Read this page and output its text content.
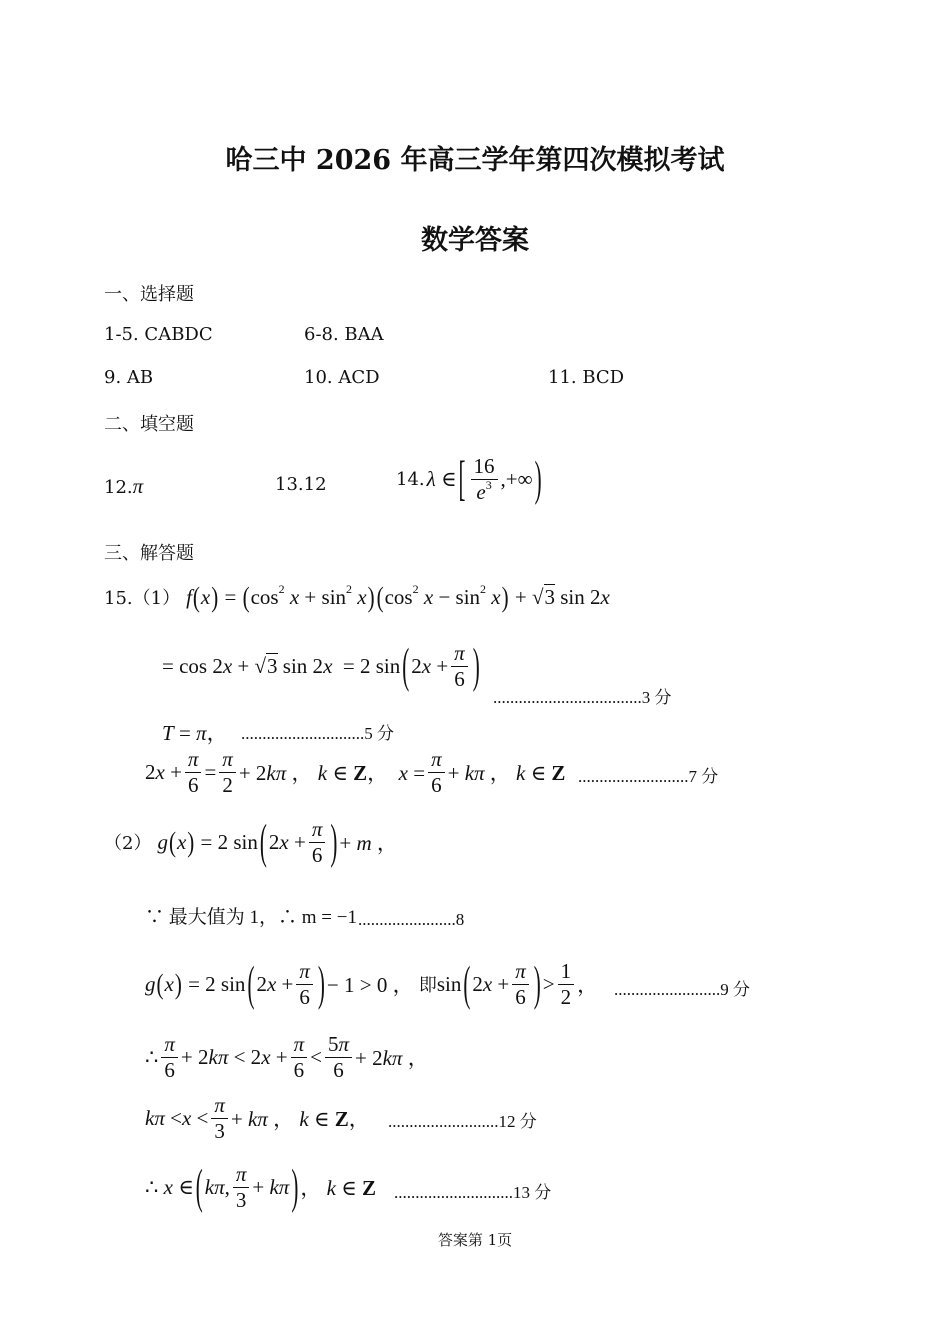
哈三中 2026 年高三学年第四次模拟考试
数学答案
一、选择题
1-5. CABDC	6-8. BAA
9. AB	10. ACD	11. BCD
二、填空题
12.π	13.12	14. λ ∈ [ $\frac{16}{e^3}$ ,+∞ )
三、解答题
15.（1） $f(x) = (\cos^2$ $x + \sin^2 x)(\cos^2$ $x - \sin^2 x) + √3$ sin 2x
= cos 2x + √3 sin 2x  = 2 sin ( $2x + \frac{\pi}{6}$ )
...................................3 分
T = π， .............................5 分
$2x + \frac{\pi}{6} = \frac{\pi}{2} + 2k\pi$ ， k ∈ Z，  $x = \frac{\pi}{6} + k\pi$ ， k ∈ Z ..........................7 分
（2） g ( x ) = 2 sin ( $2x + \frac{\pi}{6}$ ) + m ，
∵ 最大值为 1，∴ m = −1 .......................8
g ( x ) = 2 sin ( $2x + \frac{\pi}{6}$ ) − 1 > 0 ， 即 sin ( $2x + \frac{\pi}{6}$ ) > $\frac{1}{2}$ ， .........................9 分
∴ $\frac{\pi}{6} + 2k\pi < 2x + \frac{\pi}{6} < \frac{5\pi}{6} + 2k\pi$ ，
$k\pi < x < \frac{\pi}{3} + k\pi$ ， k ∈ Z， ..........................12 分
∴ x ∈ ( kπ, $\frac{\pi}{3} + k\pi$ ) ， k ∈ Z ............................13 分
答案第 1页
